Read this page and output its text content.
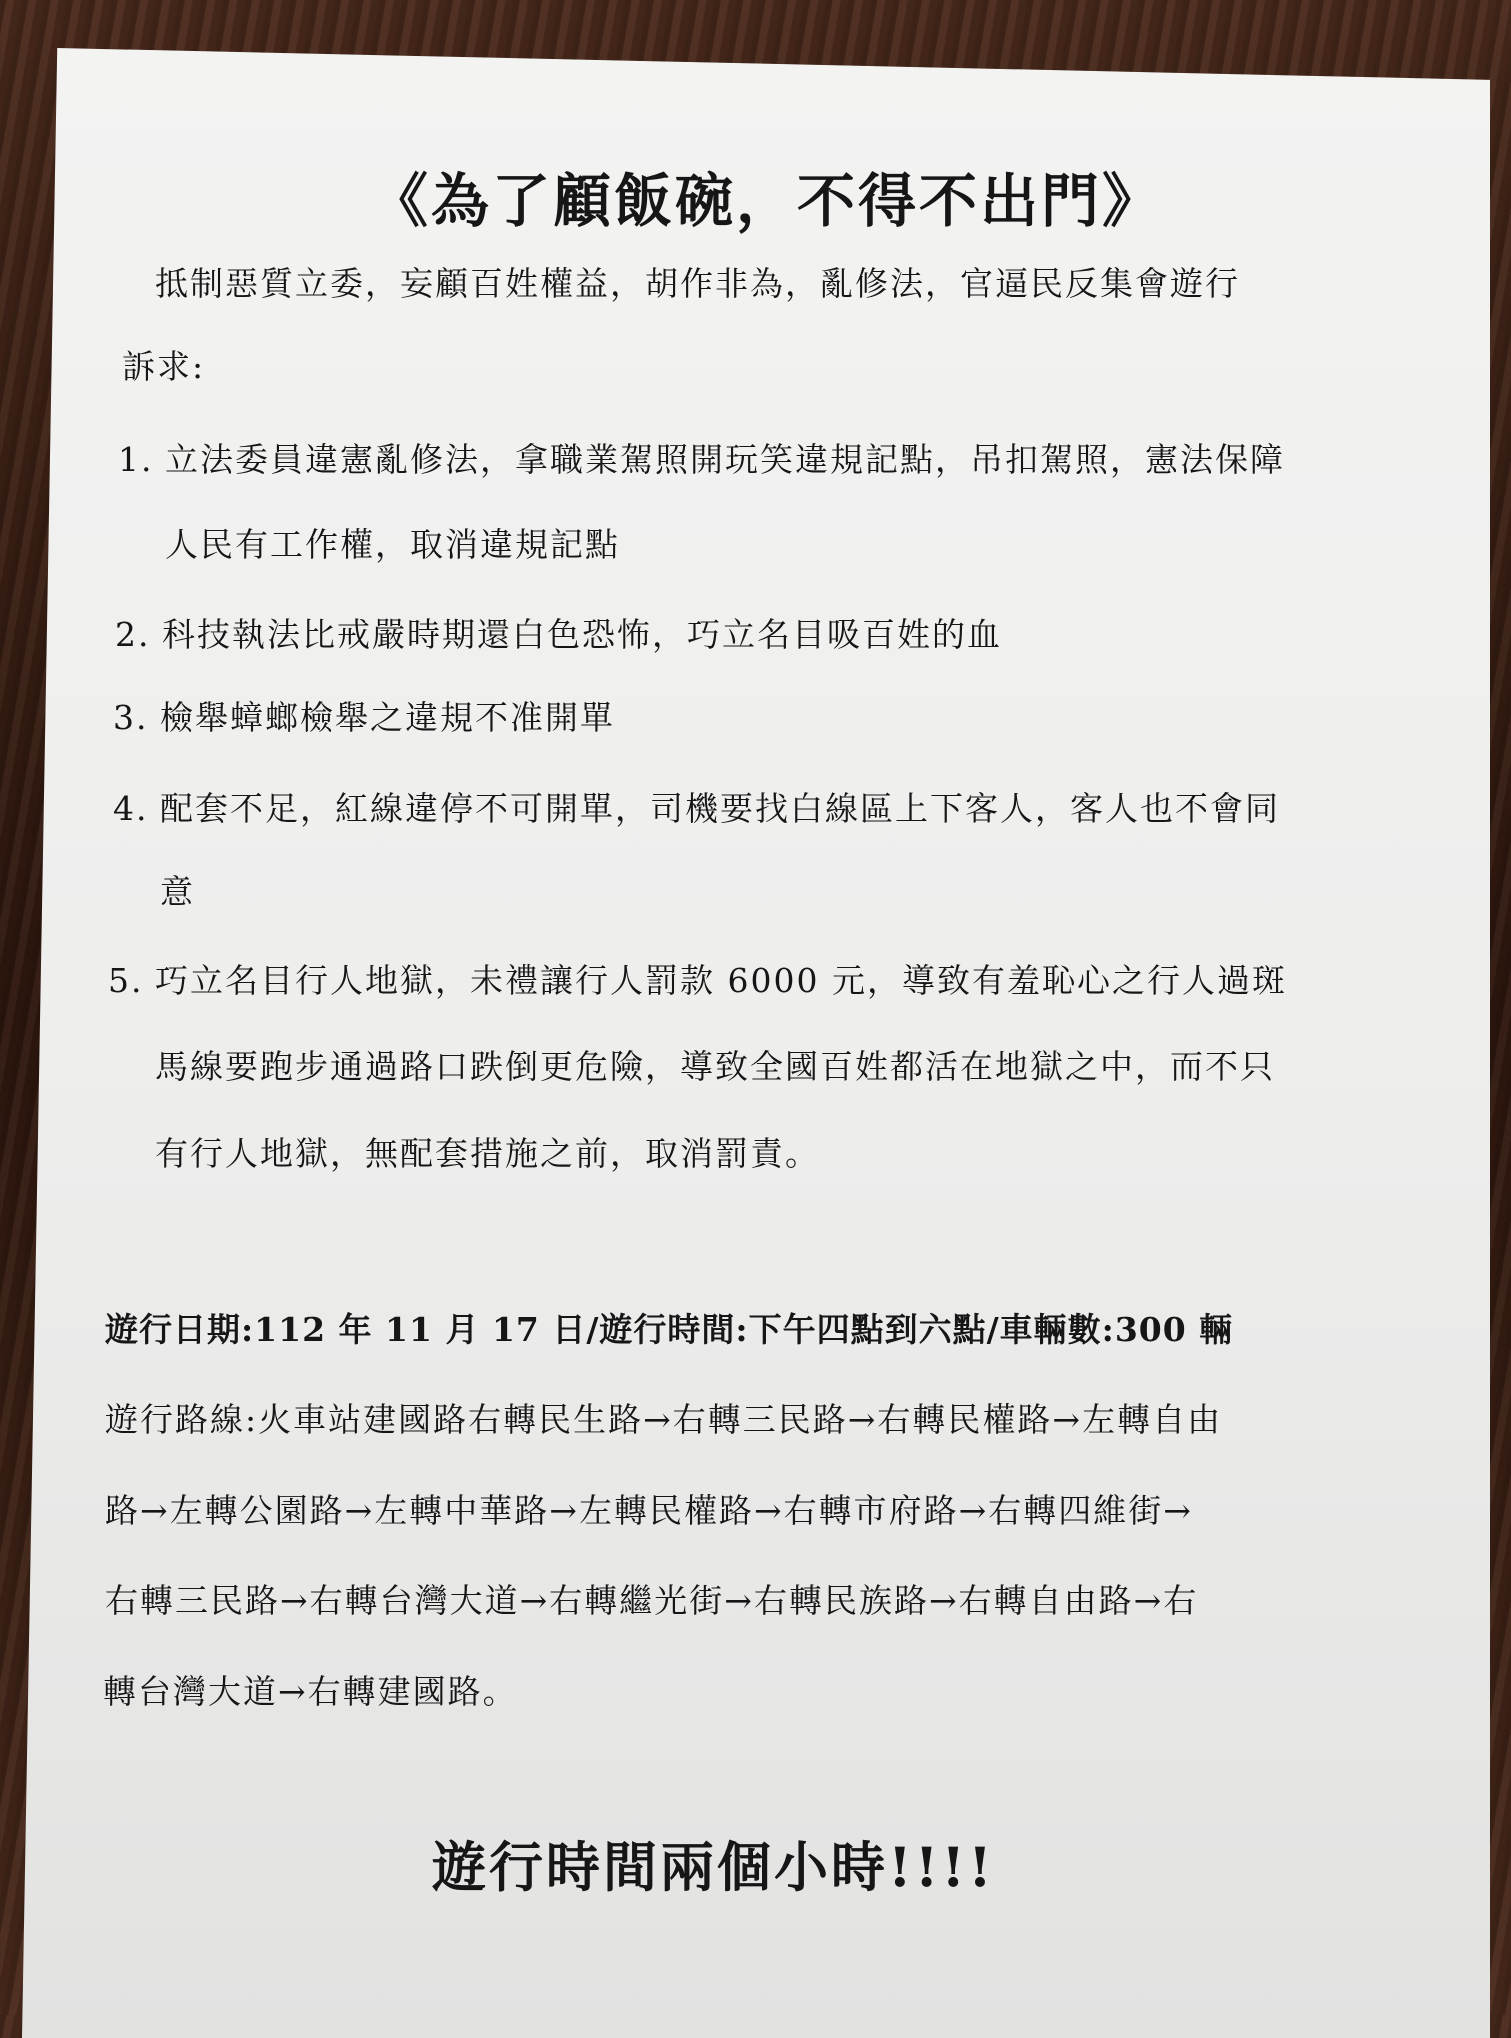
《為了顧飯碗，不得不出門》
抵制惡質立委，妄顧百姓權益，胡作非為，亂修法，官逼民反集會遊行
訴求:
1. 立法委員違憲亂修法，拿職業駕照開玩笑違規記點，吊扣駕照，憲法保障
人民有工作權，取消違規記點
2. 科技執法比戒嚴時期還白色恐怖，巧立名目吸百姓的血
3. 檢舉蟑螂檢舉之違規不准開單
4. 配套不足，紅線違停不可開單，司機要找白線區上下客人，客人也不會同
意
5. 巧立名目行人地獄，未禮讓行人罰款 6000 元，導致有羞恥心之行人過斑
馬線要跑步通過路口跌倒更危險，導致全國百姓都活在地獄之中，而不只
有行人地獄，無配套措施之前，取消罰責。
遊行日期:112 年 11 月 17 日/遊行時間:下午四點到六點/車輛數:300 輛
遊行路線:火車站建國路右轉民生路→右轉三民路→右轉民權路→左轉自由
路→左轉公園路→左轉中華路→左轉民權路→右轉市府路→右轉四維街→
右轉三民路→右轉台灣大道→右轉繼光街→右轉民族路→右轉自由路→右
轉台灣大道→右轉建國路。
遊行時間兩個小時!!!!
